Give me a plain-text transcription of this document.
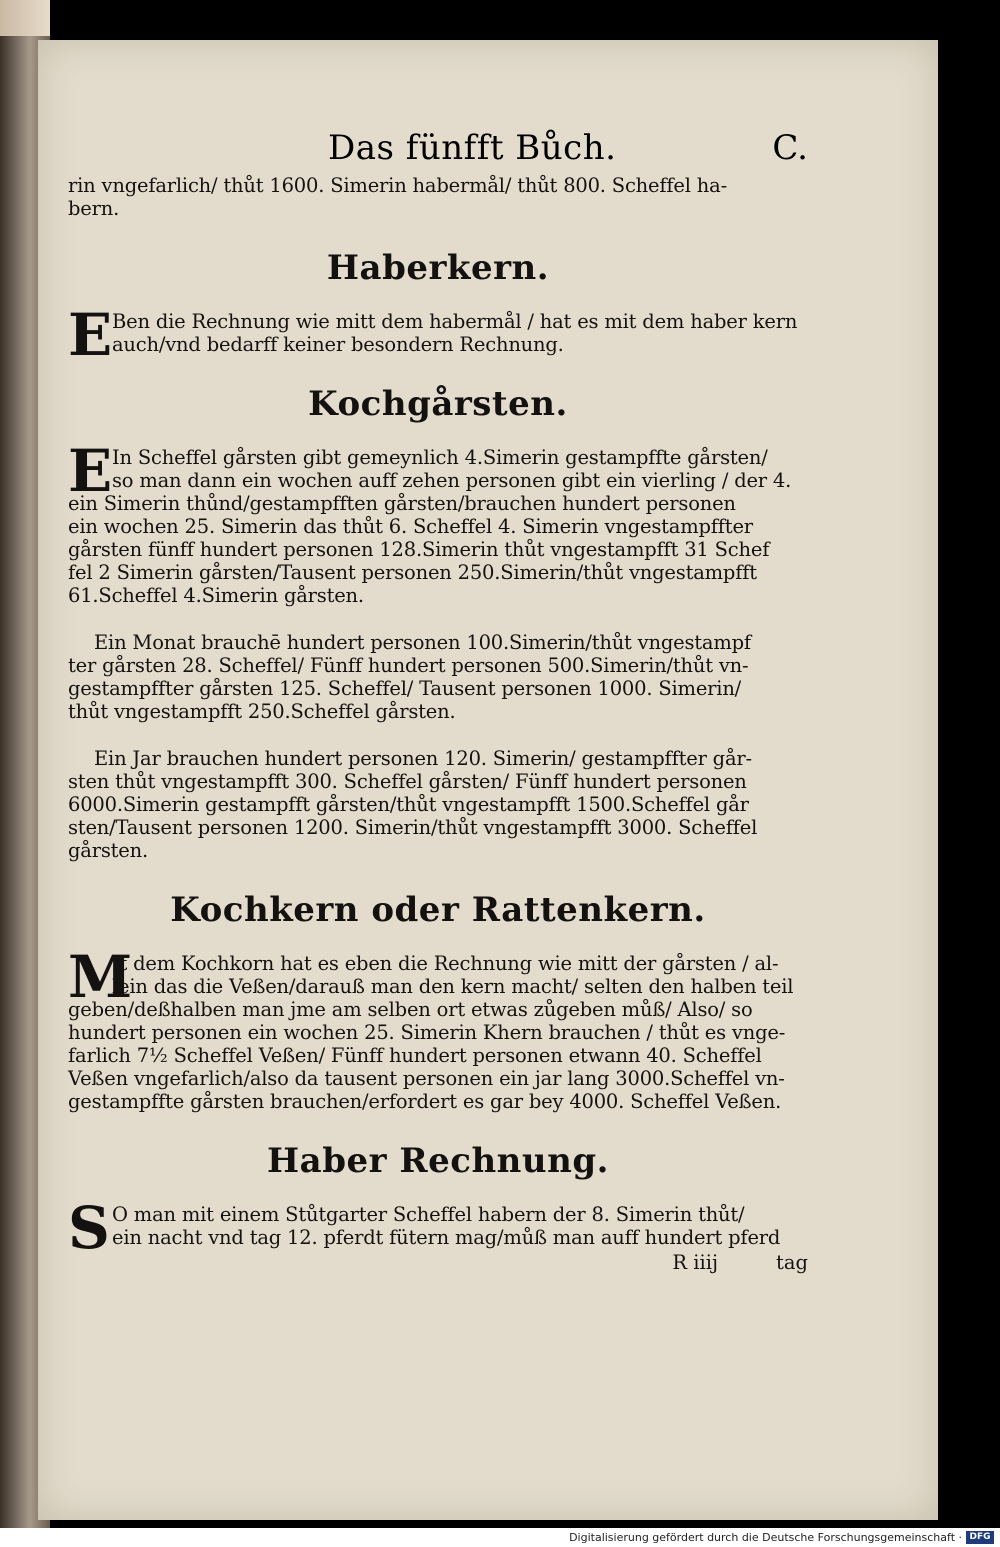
Das fünfft Bůch.	C.
rin vngefarlich/ thůt 1600. Simerin habermål/ thůt 800. Scheffel ha-
bern.
Haberkern.
E Ben die Rechnung wie mitt dem habermål / hat es mit dem haber kern
auch/vnd bedarff keiner besondern Rechnung.
Kochgårsten.
E In Scheffel gårsten gibt gemeynlich 4.Simerin gestampffte gårsten/
so man dann ein wochen auff zehen personen gibt ein vierling / der 4.
ein Simerin thůnd/gestampfften gårsten/brauchen hundert personen
ein wochen 25. Simerin das thůt 6. Scheffel 4. Simerin vngestampffter
gårsten fünff hundert personen 128.Simerin thůt vngestampfft 31 Schef
fel 2 Simerin gårsten/Tausent personen 250.Simerin/thůt vngestampfft
61.Scheffel 4.Simerin gårsten.
Ein Monat brauchē hundert personen 100.Simerin/thůt vngestampf
ter gårsten 28. Scheffel/ Fünff hundert personen 500.Simerin/thůt vn-
gestampffter gårsten 125. Scheffel/ Tausent personen 1000. Simerin/
thůt vngestampfft 250.Scheffel gårsten.
Ein Jar brauchen hundert personen 120. Simerin/ gestampffter går-
sten thůt vngestampfft 300. Scheffel gårsten/ Fünff hundert personen
6000.Simerin gestampfft gårsten/thůt vngestampfft 1500.Scheffel går
sten/Tausent personen 1200. Simerin/thůt vngestampfft 3000. Scheffel
gårsten.
Kochkern oder Rattenkern.
M
It dem Kochkorn hat es eben die Rechnung wie mitt der gårsten / al-
lein das die Veßen/darauß man den kern macht/ selten den halben teil
geben/deßhalben man jme am selben ort etwas zůgeben můß/ Also/ so
hundert personen ein wochen 25. Simerin Khern brauchen / thůt es vnge-
farlich 7½ Scheffel Veßen/ Fünff hundert personen etwann 40. Scheffel
Veßen vngefarlich/also da tausent personen ein jar lang 3000.Scheffel vn-
gestampffte gårsten brauchen/erfordert es gar bey 4000. Scheffel Veßen.
Haber Rechnung.
S O man mit einem Stůtgarter Scheffel habern der 8. Simerin thůt/
ein nacht vnd tag 12. pferdt fütern mag/můß man auff hundert pferd
R iiij	tag
Digitalisierung gefördert durch die Deutsche Forschungsgemeinschaft · DFG
